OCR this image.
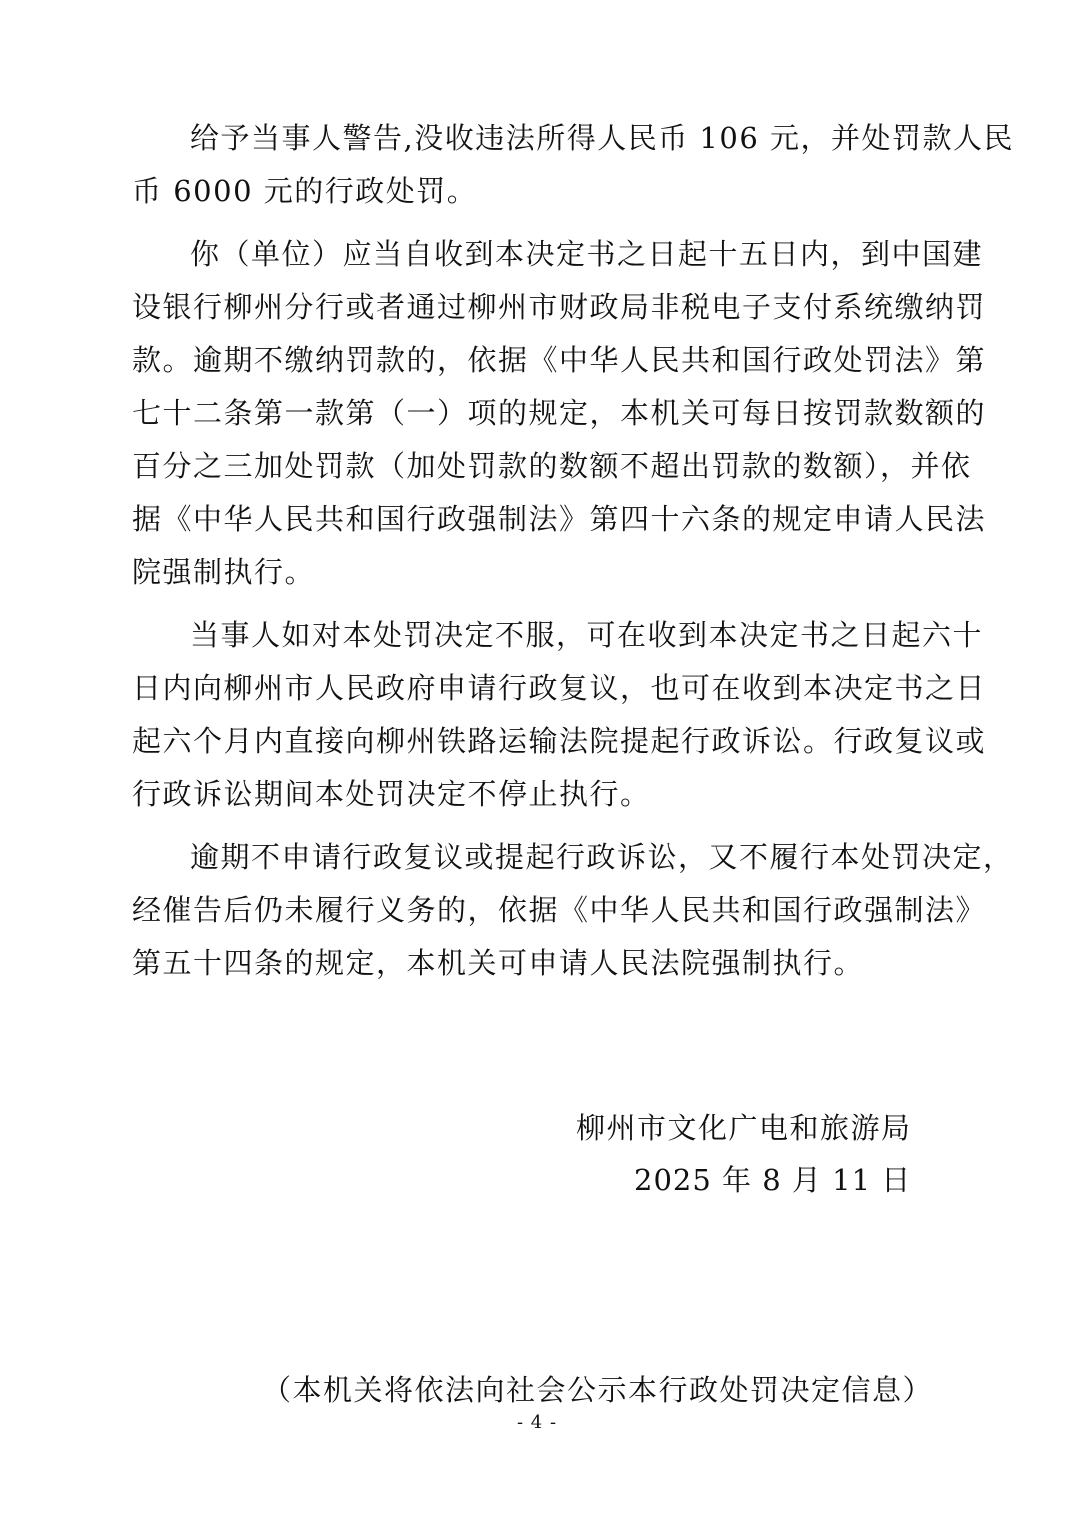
给予当事人警告,没收违法所得人民币 106 元，并处罚款人民
币 6000 元的行政处罚。

你（单位）应当自收到本决定书之日起十五日内，到中国建
设银行柳州分行或者通过柳州市财政局非税电子支付系统缴纳罚
款。逾期不缴纳罚款的，依据《中华人民共和国行政处罚法》第
七十二条第一款第（一）项的规定，本机关可每日按罚款数额的
百分之三加处罚款（加处罚款的数额不超出罚款的数额），并依
据《中华人民共和国行政强制法》第四十六条的规定申请人民法
院强制执行。

当事人如对本处罚决定不服，可在收到本决定书之日起六十
日内向柳州市人民政府申请行政复议，也可在收到本决定书之日
起六个月内直接向柳州铁路运输法院提起行政诉讼。行政复议或
行政诉讼期间本处罚决定不停止执行。

逾期不申请行政复议或提起行政诉讼，又不履行本处罚决定，
经催告后仍未履行义务的，依据《中华人民共和国行政强制法》
第五十四条的规定，本机关可申请人民法院强制执行。

柳州市文化广电和旅游局
2025 年 8 月 11 日
（本机关将依法向社会公示本行政处罚决定信息）
- 4 -
